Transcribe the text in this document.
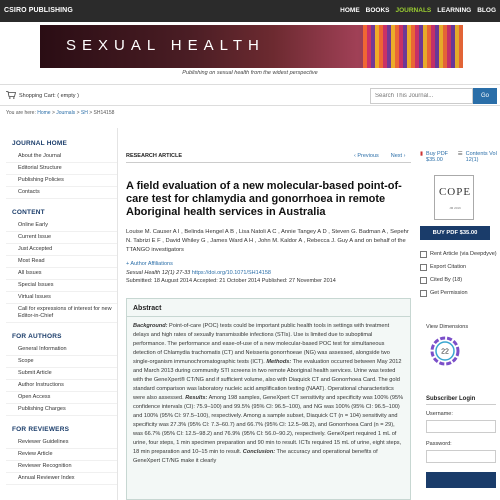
CSIRO PUBLISHING	HOME BOOKS JOURNALS LEARNING BLOG
SEXUAL HEALTH
Publishing on sexual health from the widest perspective
Shopping Cart: ( empty )
Search This Journal...	Go
You are here: Home > Journals > SH > SH14158
JOURNAL HOME
About the Journal
Editorial Structure
Publishing Policies
Contacts
CONTENT
Online Early
Current Issue
Just Accepted
Most Read
All Issues
Special Issues
Virtual Issues
Call for expressions of interest for new Editor-in-Chief
FOR AUTHORS
General Information
Scope
Submit Article
Author Instructions
Open Access
Publishing Charges
FOR REVIEWERS
Reviewer Guidelines
Review Article
Reviewer Recognition
Annual Reviewer Index
RESEARCH ARTICLE	‹ Previous Next ›
A field evaluation of a new molecular-based point-of-care test for chlamydia and gonorrhoea in remote Aboriginal health services in Australia
Louise M. Causer A I , Belinda Hengel A B , Lisa Natoli A C , Annie Tangey A D , Steven G. Badman A , Sepehr N. Tabrizi E F , David Whiley G , James Ward A H , John M. Kaldor A , Rebecca J. Guy A and on behalf of the TTANGO investigators
+ Author Affiliations
Sexual Health 12(1) 27-33 https://doi.org/10.1071/SH14158
Submitted: 18 August 2014 Accepted: 21 October 2014 Published: 27 November 2014
Abstract
Background: Point-of-care (POC) tests could be important public health tools in settings with treatment delays and high rates of sexually transmissible infections (STIs). Use is limited due to suboptimal performance. The performance and ease-of-use of a new molecular-based POC test for simultaneous detection of Chlamydia trachomatis (CT) and Neisseria gonorrhoeae (NG) was assessed, alongside two single-organism immunochromatographic tests (ICT). Methods: The evaluation occurred between May 2012 and March 2013 during community STI screens in two remote Aboriginal health services. Urine was tested with the GeneXpert® CT/NG and if sufficient volume, also with Diaquick CT and Gonorrhoea Card. The gold standard comparison was laboratory nucleic acid amplification testing (NAAT). Operational characteristics were also assessed. Results: Among 198 samples, GeneXpert CT sensitivity and specificity was 100% (95% confidence intervals (CI): 75.9–100) and 99.5% (95% CI: 96.5–100), and NG was 100% (95% CI: 96.5–100) and 100% (95% CI: 97.5–100), respectively. Among a sample subset, Diaquick CT (n = 104) sensitivity and specificity was 27.3% (95% CI: 7.3–60.7) and 66.7% (95% CI: 12.5–98.2), and Gonorrhoea Card (n = 29), was 66.7% (95% CI: 12.5–98.2) and 76.9% (95% CI: 56.0–90.2), respectively. GeneXpert required 1 mL of urine, four steps, 1 min specimen preparation and 90 min to result. ICTs required 15 mL of urine, eight steps, 18 min preparation and 10–15 min to result. Conclusion: The accuracy and operational benefits of GeneXpert CT/NG make it clearly
▮ Buy PDF $35.00
☰ Contents Vol 12(1)
COPE
JM 2016
BUY PDF $35.00
Rent Article (via Deepdyve)
Export Citation
Cited By (18)
Get Permission
View Dimensions
22
Subscriber Login
Username:
Password:
